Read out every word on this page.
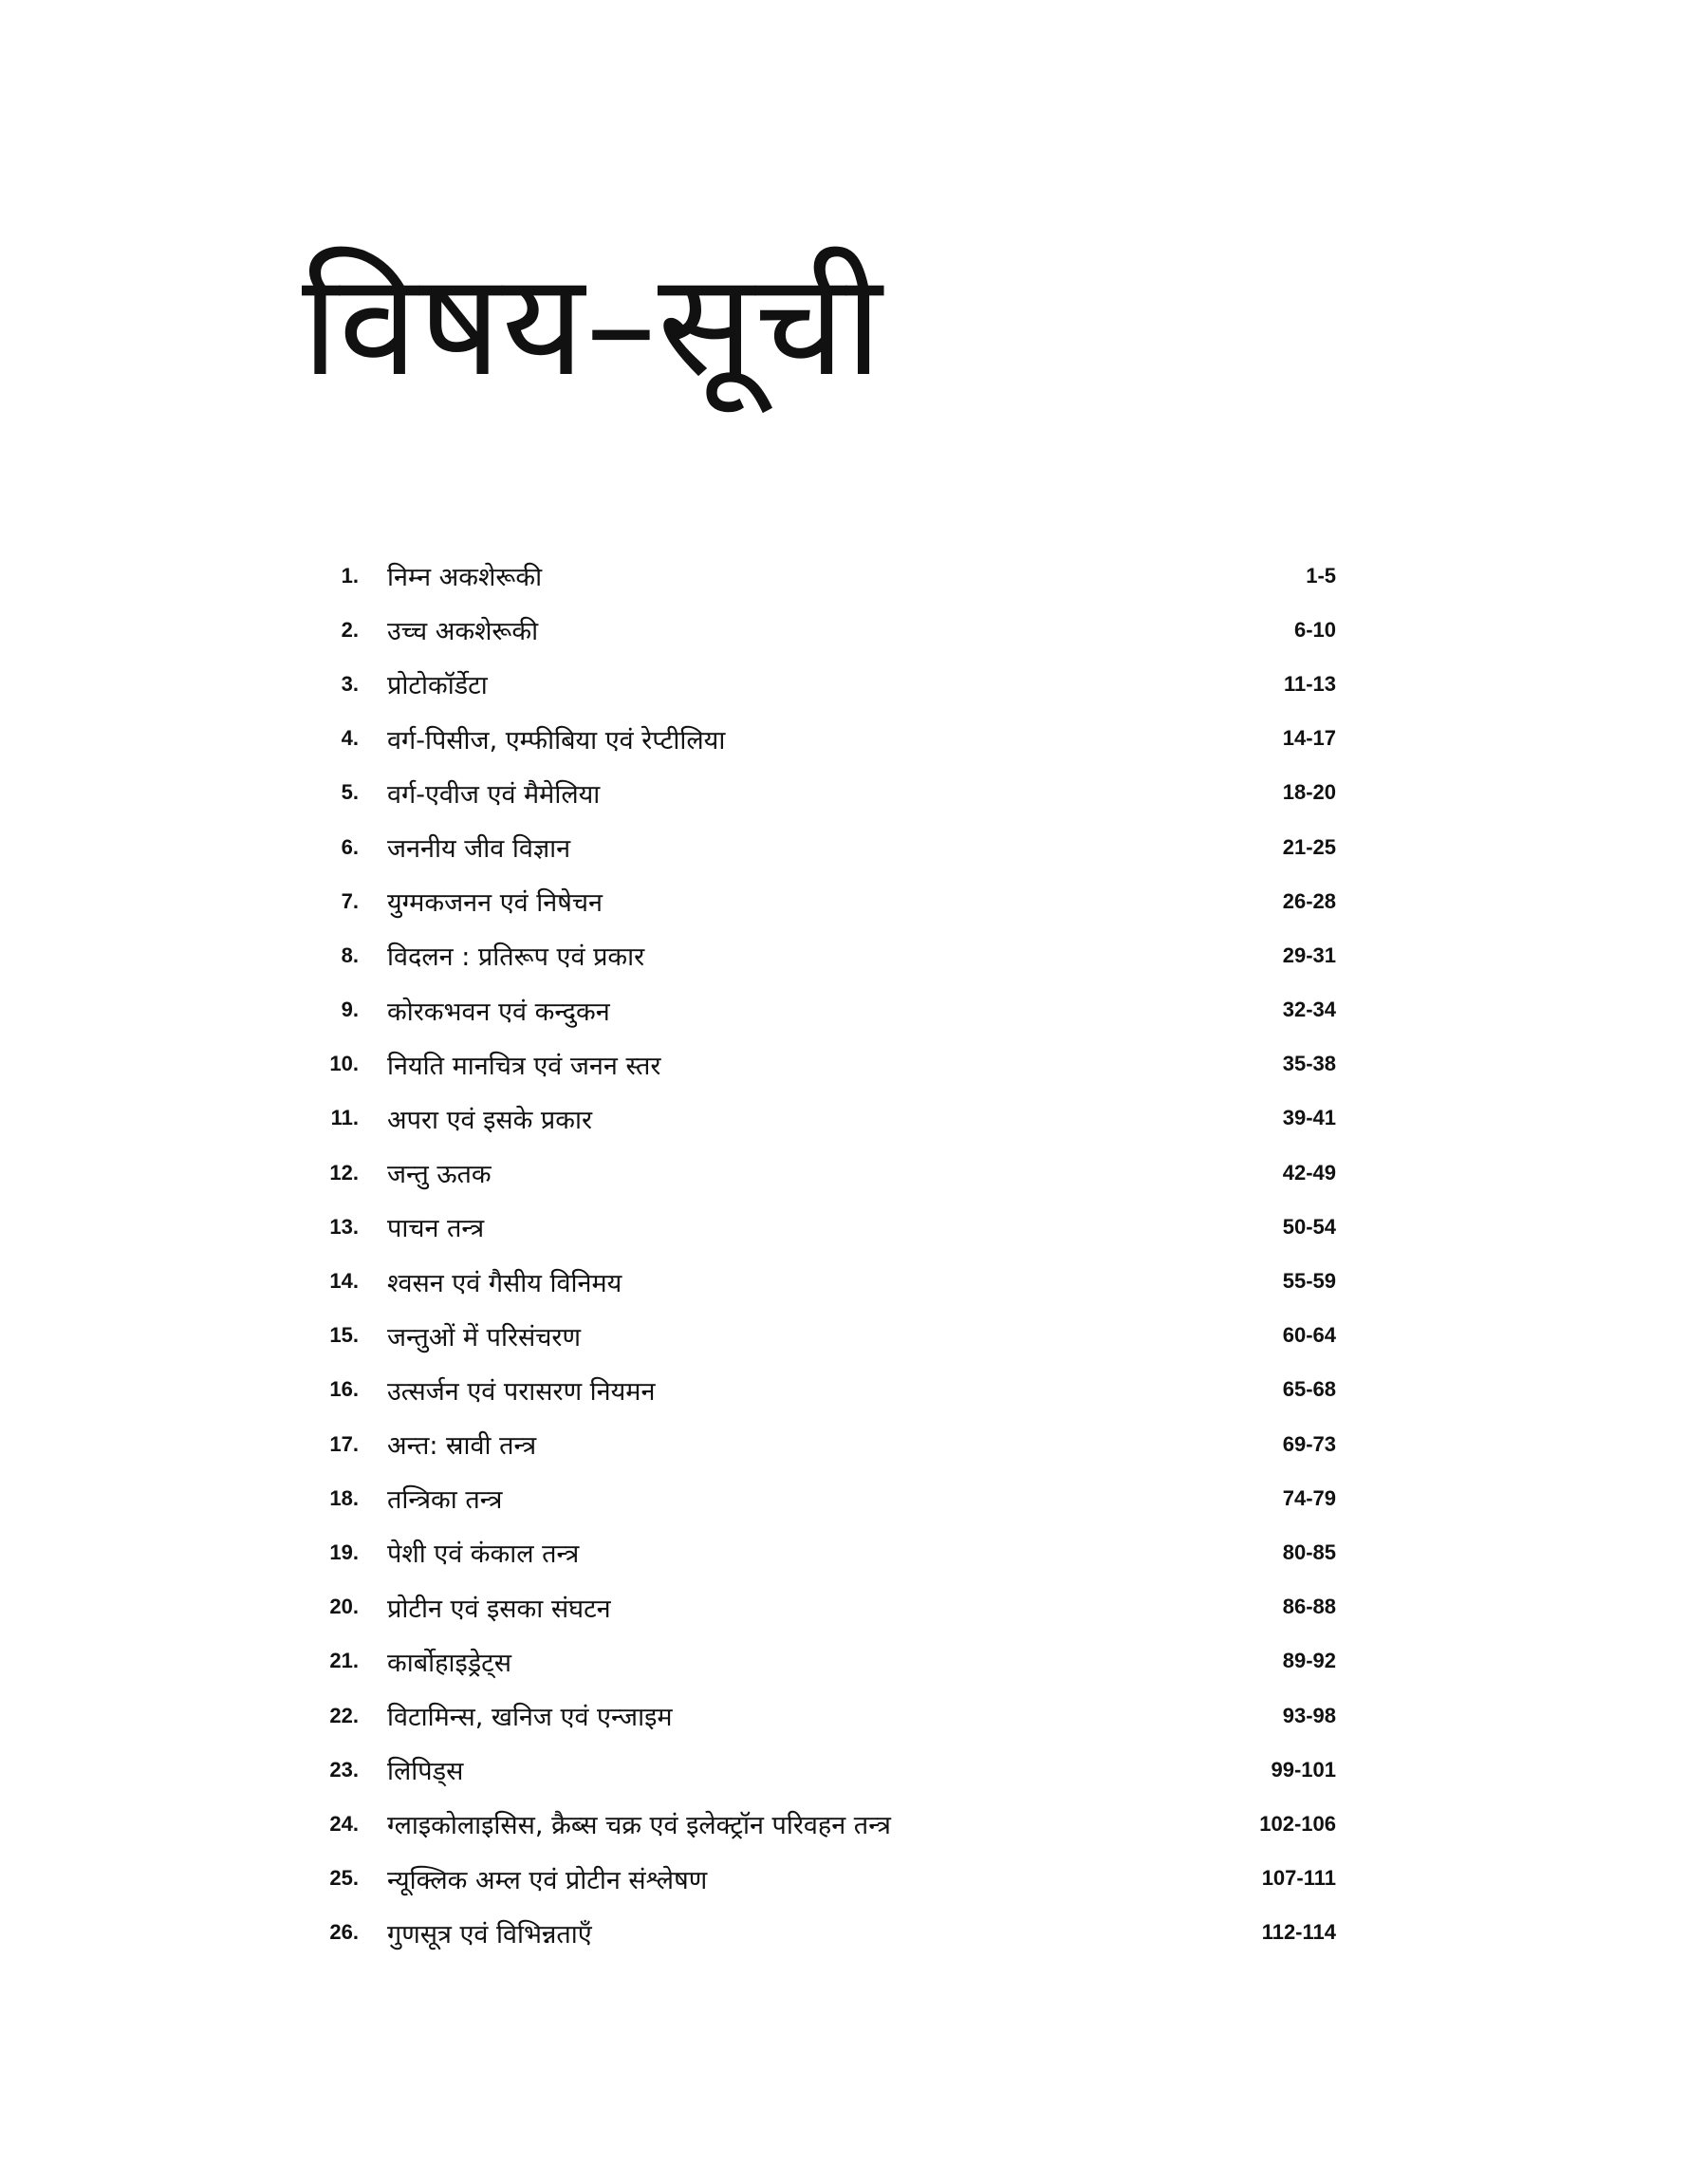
विषय–सूची
1.	निम्न अकशेरूकी	1-5
2.	उच्च अकशेरूकी	6-10
3.	प्रोटोकॉर्डेटा	11-13
4.	वर्ग-पिसीज, एम्फीबिया एवं रेप्टीलिया	14-17
5.	वर्ग-एवीज एवं मैमेलिया	18-20
6.	जननीय जीव विज्ञान	21-25
7.	युग्मकजनन एवं निषेचन	26-28
8.	विदलन : प्रतिरूप एवं प्रकार	29-31
9.	कोरकभवन एवं कन्दुकन	32-34
10.	नियति मानचित्र एवं जनन स्तर	35-38
11.	अपरा एवं इसके प्रकार	39-41
12.	जन्तु ऊतक	42-49
13.	पाचन तन्त्र	50-54
14.	श्वसन एवं गैसीय विनिमय	55-59
15.	जन्तुओं में परिसंचरण	60-64
16.	उत्सर्जन एवं परासरण नियमन	65-68
17.	अन्त: स्रावी तन्त्र	69-73
18.	तन्त्रिका तन्त्र	74-79
19.	पेशी एवं कंकाल तन्त्र	80-85
20.	प्रोटीन एवं इसका संघटन	86-88
21.	कार्बोहाइड्रेट्स	89-92
22.	विटामिन्स, खनिज एवं एन्जाइम	93-98
23.	लिपिड्स	99-101
24.	ग्लाइकोलाइसिस, क्रैब्स चक्र एवं इलेक्ट्रॉन परिवहन तन्त्र	102-106
25.	न्यूक्लिक अम्ल एवं प्रोटीन संश्लेषण	107-111
26.	गुणसूत्र एवं विभिन्नताएँ	112-114
